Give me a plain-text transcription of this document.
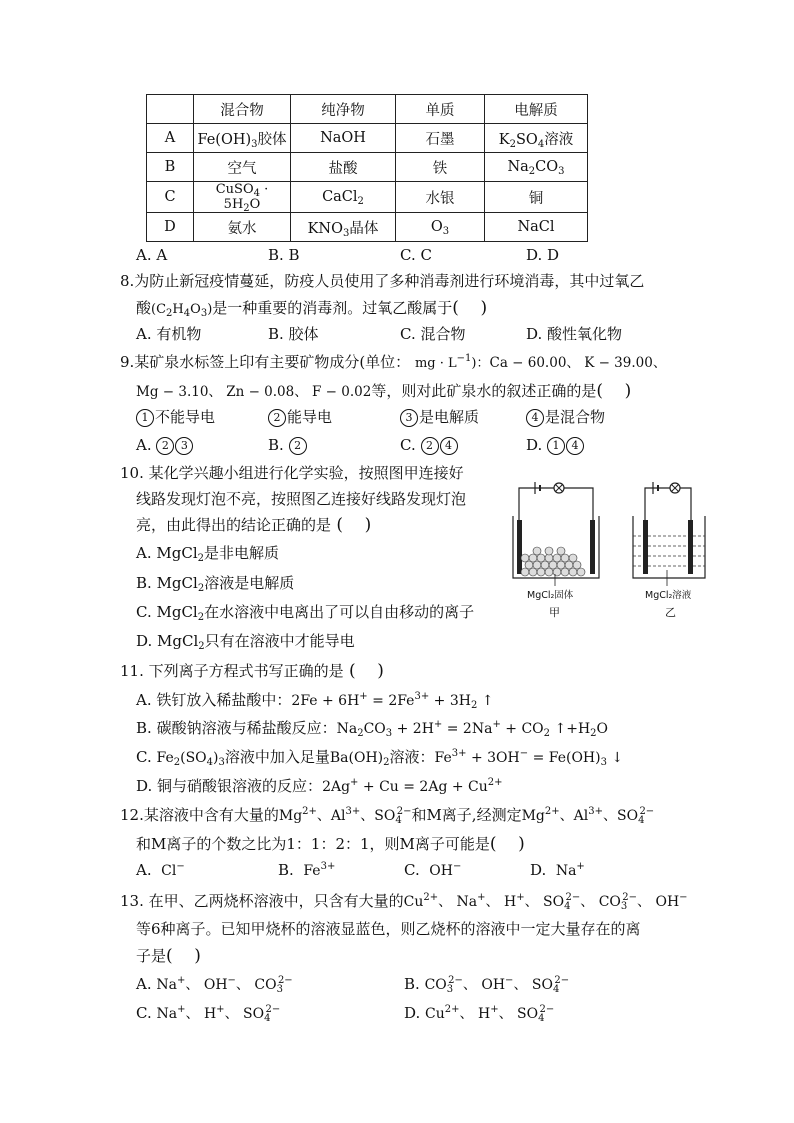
	混合物	纯净物	单质	电解质
A	$Fe(OH)_3$胶体	NaOH	石墨	$K_2SO_4$溶液
B	空气	盐酸	铁	$Na_2CO_3$
C	CuSO$_4$ · $5H_2O$	CaCl$_2$	水银	铜
D	氨水	$KNO_3$晶体	$O_3$	NaCl
A. A	B. B	C. C	D. D
8.为防止新冠疫情蔓延，防疫人员使用了多种消毒剂进行环境消毒，其中过氧乙
酸$(C_2H_4O_3)$是一种重要的消毒剂。过氧乙酸属于(    )
A. 有机物	B. 胶体	C. 混合物	D. 酸性氧化物
9.某矿泉水标签上印有主要矿物成分(单位： mg · $L^{-1}$)：Ca − 60.00、 K − 39.00、
Mg − 3.10、 Zn − 0.08、 F − 0.02等，则对此矿泉水的叙述正确的是(    )
1 不能导电	2 能导电	3 是电解质	4 是混合物
A. 2 3	B. 2	C. 2 4	D. 1 4
10. 某化学兴趣小组进行化学实验，按照图甲连接好
线路发现灯泡不亮，按照图乙连接好线路发现灯泡
亮，由此得出的结论正确的是 (    )
A. MgCl$_2$是非电解质
B. MgCl$_2$溶液是电解质
C. MgCl$_2$在水溶液中电离出了可以自由移动的离子
D. MgCl$_2$只有在溶液中才能导电
MgCl₂固体
甲
MgCl₂溶液
乙
11. 下列离子方程式书写正确的是 (    )
A. 铁钉放入稀盐酸中：$2Fe + 6H^+ = 2Fe^{3+} + 3H_2$ ↑
B. 碳酸钠溶液与稀盐酸反应：$Na_2CO_3 + 2H^+ = 2Na^+ + CO_2$ $↑+H_2O$
C. $Fe_2(SO_4)_3$溶液中加入足量$Ba(OH)_2$溶液：$Fe^{3+} + 3OH^- = Fe(OH)_3$ ↓
D. 铜与硝酸银溶液的反应：$2Ag^+ + Cu = 2Ag + Cu^{2+}$
12.某溶液中含有大量的$Mg^{2+}$、$Al^{3+}$、$SO_4^{2-}$和M离子,经测定$Mg^{2+}$、$Al^{3+}$、$SO_4^{2-}$
和M离子的个数之比为1：1：2：1，则M离子可能是(    )
A. Cl−	B. $Fe^{3+}$	C. OH−	D. Na+
13. 在甲、乙两烧杯溶液中，只含有大量的$Cu^{2+}$、 Na+、 H+、 $SO_4^{2-}$、 $CO_3^{2-}$、 OH−
等6种离子。已知甲烧杯的溶液显蓝色，则乙烧杯的溶液中一定大量存在的离
子是(    )
A. Na+、 OH−、 $CO_3^{2-}$	B. $CO_3^{2-}$、 OH−、 $SO_4^{2-}$
C. Na+、 H+、 $SO_4^{2-}$	D. $Cu^{2+}$、 H+、 $SO_4^{2-}$
